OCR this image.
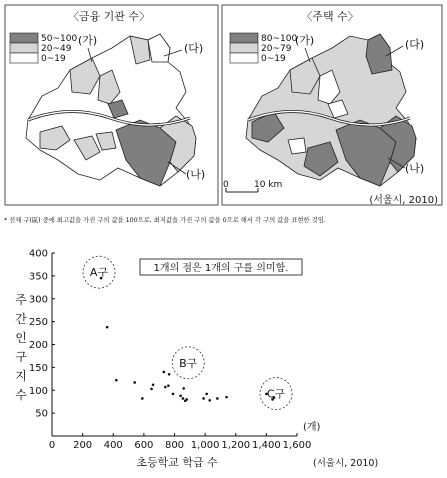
〈금융 기관 수〉
50~100
20~49
0~19
(가)
(다)
(나)
〈주택 수〉
80~100
20~79
0~19
(가)	(다)
(나)
0	10 km
(서울시, 2010)
* 전체 구(區) 중에 최고값을 가진 구의 값을 100으로, 최저값을 가진 구의 값을 0으로 해서 각 구의 값을 표현한 것임.
0 200 400 600 800 1,000 1,200 1,400 1,600
50
100
150
200
250
300
350
400
A구
C구
B구
(개)
초등학교 학급 수	(서울시, 2010)
1개의 점은 1개의 구를 의미함.
주
간
인
구
지
수
